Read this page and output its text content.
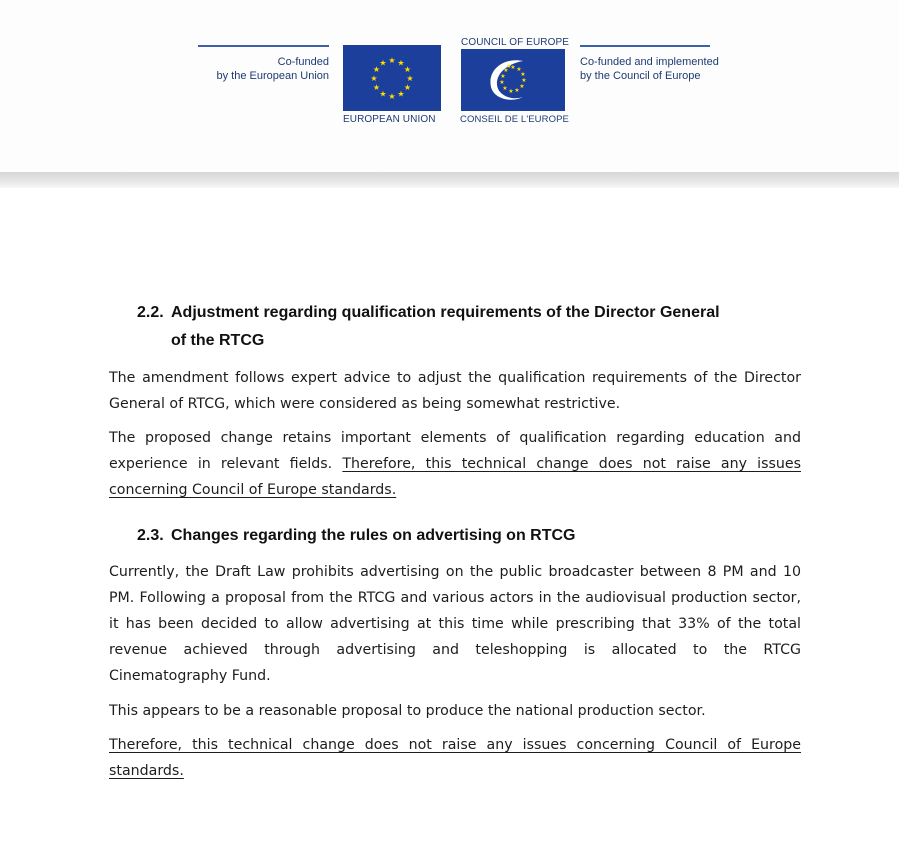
Co-funded
by the European Union
★ ★
★
★
★
★
★
★
★
★
★
★
EUROPEAN UNION
COUNCIL OF EUROPE
★ ★
★
★
★
★
★
★
★
★
★
★
CONSEIL DE L'EUROPE
Co-funded and implemented
by the Council of Europe
2.2. Adjustment regarding qualification requirements of the Director General
of the RTCG
The amendment follows expert advice to adjust the qualification requirements of the Director General of RTCG, which were considered as being somewhat restrictive.
The proposed change retains important elements of qualification regarding education and experience in relevant fields. Therefore, this technical change does not raise any issues concerning Council of Europe standards.
2.3. Changes regarding the rules on advertising on RTCG
Currently, the Draft Law prohibits advertising on the public broadcaster between 8 PM and 10 PM. Following a proposal from the RTCG and various actors in the audiovisual production sector, it has been decided to allow advertising at this time while prescribing that 33% of the total revenue achieved through advertising and teleshopping is allocated to the RTCG Cinematography Fund.
This appears to be a reasonable proposal to produce the national production sector.
Therefore, this technical change does not raise any issues concerning Council of Europe standards.
